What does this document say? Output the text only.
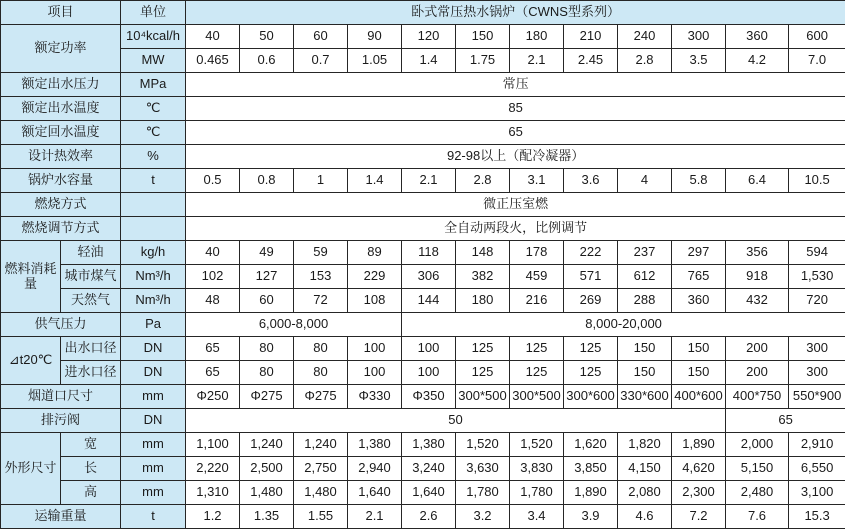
项目		单位	卧式常压热水锅炉（CWNS型系列）											
额定功率		10⁴kcal/h	40	50	60	90	120	150	180	210	240	300	360	600
		MW	0.465	0.6	0.7	1.05	1.4	1.75	2.1	2.45	2.8	3.5	4.2	7.0
额定出水压力		MPa	常压											
额定出水温度		℃	85											
额定回水温度		℃	65											
设计热效率		%	92-98以上（配冷凝器）											
锅炉水容量		t	0.5	0.8	1	1.4	2.1	2.8	3.1	3.6	4	5.8	6.4	10.5
燃烧方式			微正压室燃											
燃烧调节方式			全自动两段火，比例调节											
燃料消耗量	轻油	kg/h	40	49	59	89	118	148	178	222	237	297	356	594
	城市煤气	Nm³/h	102	127	153	229	306	382	459	571	612	765	918	1,530
	天然气	Nm³/h	48	60	72	108	144	180	216	269	288	360	432	720
供气压力		Pa	6,000-8,000				8,000-20,000							
⊿t20℃	出水口径	DN	65	80	80	100	100	125	125	125	150	150	200	300
	进水口径	DN	65	80	80	100	100	125	125	125	150	150	200	300
烟道口尺寸		mm	Φ250	Φ275	Φ275	Φ330	Φ350	300*500	300*500	300*600	330*600	400*600	400*750	550*900
排污阀		DN	50										65	
外形尺寸	宽	mm	1,100	1,240	1,240	1,380	1,380	1,520	1,520	1,620	1,820	1,890	2,000	2,910
	长	mm	2,220	2,500	2,750	2,940	3,240	3,630	3,830	3,850	4,150	4,620	5,150	6,550
	高	mm	1,310	1,480	1,480	1,640	1,640	1,780	1,780	1,890	2,080	2,300	2,480	3,100
运输重量		t	1.2	1.35	1.55	2.1	2.6	3.2	3.4	3.9	4.6	7.2	7.6	15.3
